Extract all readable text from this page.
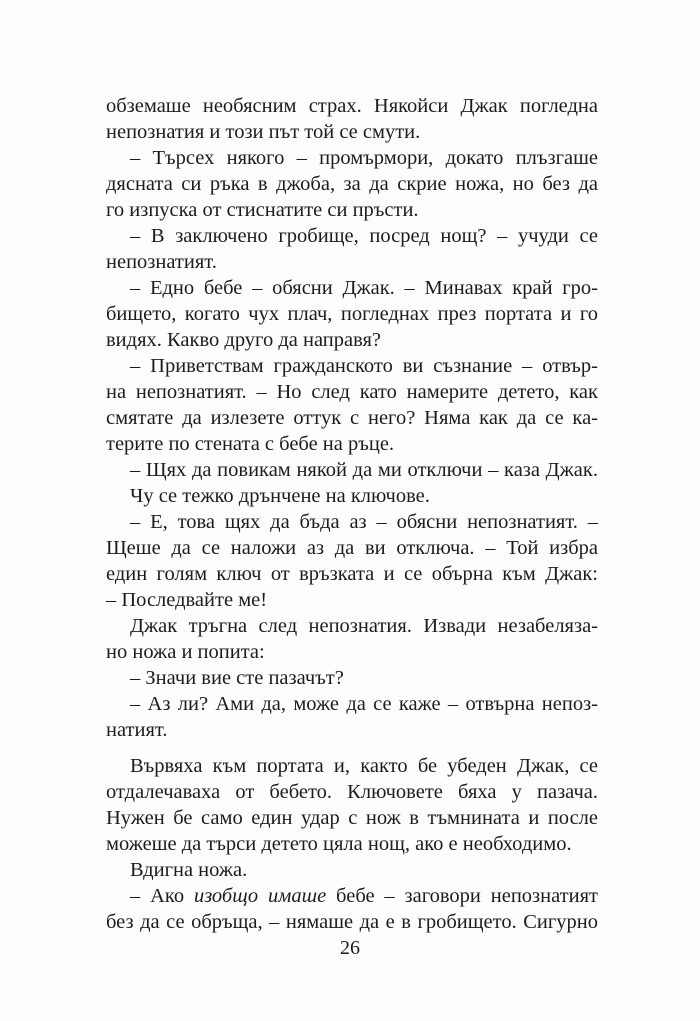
обземаше необясним страх. Някойси Джак погледна
непознатия и този път той се смути.
– Търсех някого – промърмори, докато плъзгаше
дясната си ръка в джоба, за да скрие ножа, но без да
го изпуска от стиснатите си пръсти.
– В заключено гробище, посред нощ? – учуди се
непознатият.
– Едно бебе – обясни Джак. – Минавах край гро-
бището, когато чух плач, погледнах през портата и го
видях. Какво друго да направя?
– Приветствам гражданското ви съзнание – отвър-
на непознатият. – Но след като намерите детето, как
смятате да излезете оттук с него? Няма как да се ка-
терите по стената с бебе на ръце.
– Щях да повикам някой да ми отключи – каза Джак.
Чу се тежко дрънчене на ключове.
– Е, това щях да бъда аз – обясни непознатият. –
Щеше да се наложи аз да ви отключа. – Той избра
един голям ключ от връзката и се обърна към Джак:
– Последвайте ме!
Джак тръгна след непознатия. Извади незабелязa-
но ножа и попита:
– Значи вие сте пазачът?
– Аз ли? Ами да, може да се каже – отвърна непоз-
натият.
Вървяха към портата и, както бе убеден Джак, се
отдалечаваха от бебето. Ключовете бяха у пазача.
Нужен бе само един удар с нож в тъмнината и после
можеше да търси детето цяла нощ, ако е необходимо.
Вдигна ножа.
– Ако изобщо имаше бебе – заговори непознатият
без да се обръща, – нямаше да е в гробището. Сигурно
26
